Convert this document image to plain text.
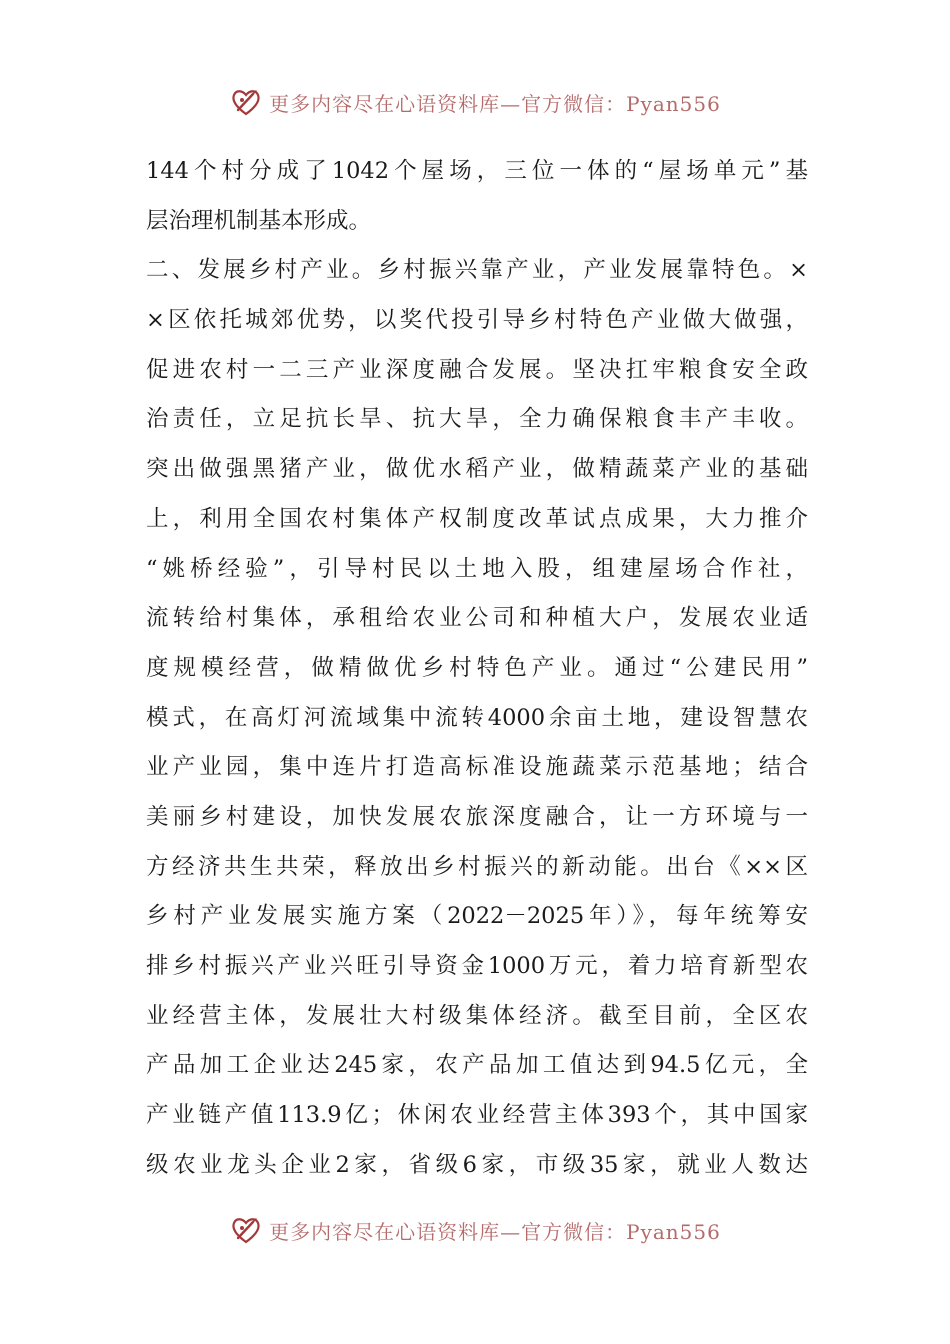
更多内容尽在心语资料库—官方微信：Pyan556
144个村分成了1042个屋场，三位一体的“屋场单元”基
层治理机制基本形成。
二、发展乡村产业。乡村振兴靠产业，产业发展靠特色。×
×区依托城郊优势，以奖代投引导乡村特色产业做大做强，
促进农村一二三产业深度融合发展。坚决扛牢粮食安全政
治责任，立足抗长旱、抗大旱，全力确保粮食丰产丰收。
突出做强黑猪产业，做优水稻产业，做精蔬菜产业的基础
上，利用全国农村集体产权制度改革试点成果，大力推介
“姚桥经验”，引导村民以土地入股，组建屋场合作社，
流转给村集体，承租给农业公司和种植大户，发展农业适
度规模经营，做精做优乡村特色产业。通过“公建民用”
模式，在高灯河流域集中流转4000余亩土地，建设智慧农
业产业园，集中连片打造高标准设施蔬菜示范基地；结合
美丽乡村建设，加快发展农旅深度融合，让一方环境与一
方经济共生共荣，释放出乡村振兴的新动能。出台《××区
乡村产业发展实施方案（2022－2025年）》，每年统筹安
排乡村振兴产业兴旺引导资金1000万元，着力培育新型农
业经营主体，发展壮大村级集体经济。截至目前，全区农
产品加工企业达245家，农产品加工值达到94.5亿元，全
产业链产值113.9亿；休闲农业经营主体393个，其中国家
级农业龙头企业2家，省级6家，市级35家，就业人数达
更多内容尽在心语资料库—官方微信：Pyan556
